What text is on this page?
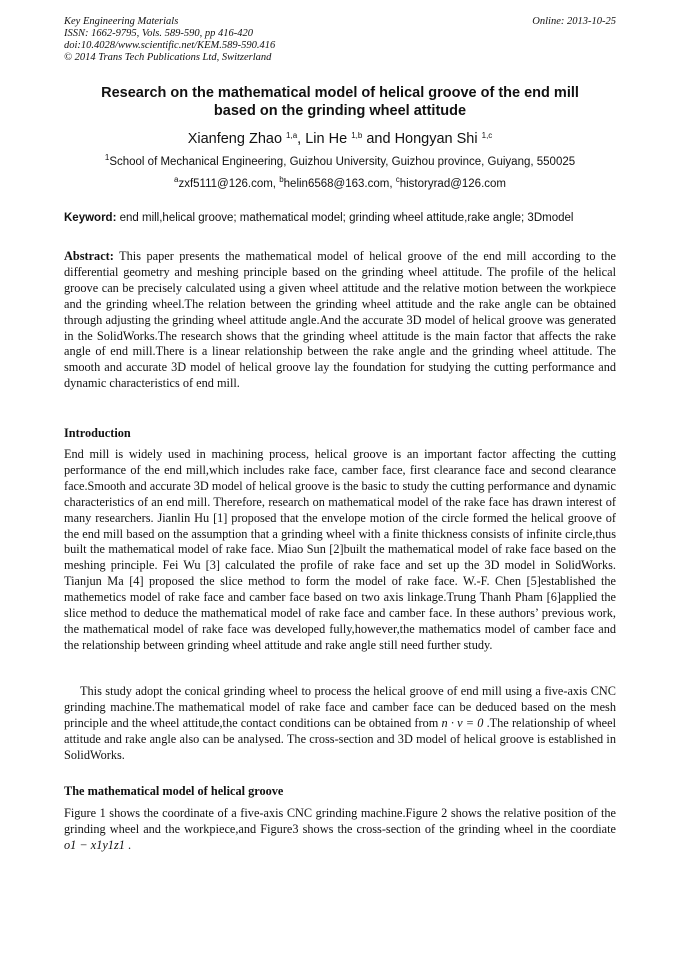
Key Engineering Materials
ISSN: 1662-9795, Vols. 589-590, pp 416-420
doi:10.4028/www.scientific.net/KEM.589-590.416
© 2014 Trans Tech Publications Ltd, Switzerland
Online: 2013-10-25
Research on the mathematical model of helical groove of the end mill
based on the grinding wheel attitude
Xianfeng Zhao $^{1,a}$, Lin He $^{1,b}$ and Hongyan Shi $^{1,c}$
$^1$School of Mechanical Engineering, Guizhou University, Guizhou province, Guiyang, 550025
$^a$zxf5111@126.com, $^b$helin6568@163.com, $^c$historyrad@126.com
Keyword: end mill,helical groove; mathematical model; grinding wheel attitude,rake angle; 3Dmodel
Abstract: This paper presents the mathematical model of helical groove of the end mill according to the differential geometry and meshing principle based on the grinding wheel attitude. The profile of the helical groove can be precisely calculated using a given wheel attitude and the relative motion between the workpiece and the grinding wheel.The relation between the grinding wheel attitude and the rake angle can be obtained through adjusting the grinding wheel attitude angle.And the accurate 3D model of helical groove was generated in the SolidWorks.The research shows that the grinding wheel attitude is the main factor that affects the rake angle of end mill.There is a linear relationship between the rake angle and the grinding wheel attitude. The smooth and accurate 3D model of helical groove lay the foundation for studying the cutting performance and dynamic characteristics of end mill.
Introduction
End mill is widely used in machining process, helical groove is an important factor affecting the cutting performance of the end mill,which includes rake face, camber face, first clearance face and second clearance face.Smooth and accurate 3D model of helical groove is the basic to study the cutting performance and dynamic characteristics of an end mill. Therefore, research on mathematical model of the rake face has drawn interest of many researchers. Jianlin Hu [1] proposed that the envelope motion of the circle formed the helical groove of the end mill based on the assumption that a grinding wheel with a finite thickness consists of infinite circle,thus built the mathematical model of rake face. Miao Sun [2]built the mathematical model of rake face based on the meshing principle. Fei Wu [3] calculated the profile of rake face and set up the 3D model in SolidWorks. Tianjun Ma [4] proposed the slice method to form the model of rake face. W.-F. Chen [5]established the mathemetics model of rake face and camber face based on two axis linkage.Trung Thanh Pham [6]applied the slice method to deduce the mathematical model of rake face and camber face. In these authors’ previous work, the mathematical model of rake face was developed fully,however,the mathematics model of camber face and the relationship between grinding wheel attitude and rake angle still need further study.
This study adopt the conical grinding wheel to process the helical groove of end mill using a five-axis CNC grinding machine.The mathematical model of rake face and camber face can be deduced based on the mesh principle and the wheel attitude,the contact conditions can be obtained from n · v = 0 .The relationship of wheel attitude and rake angle also can be analysed. The cross-section and 3D model of helical groove is established in SolidWorks.
The mathematical model of helical groove
Figure 1 shows the coordinate of a five-axis CNC grinding machine.Figure 2 shows the relative position of the grinding wheel and the workpiece,and Figure3 shows the cross-section of the grinding wheel in the coordiate o1 − x1y1z1 .
